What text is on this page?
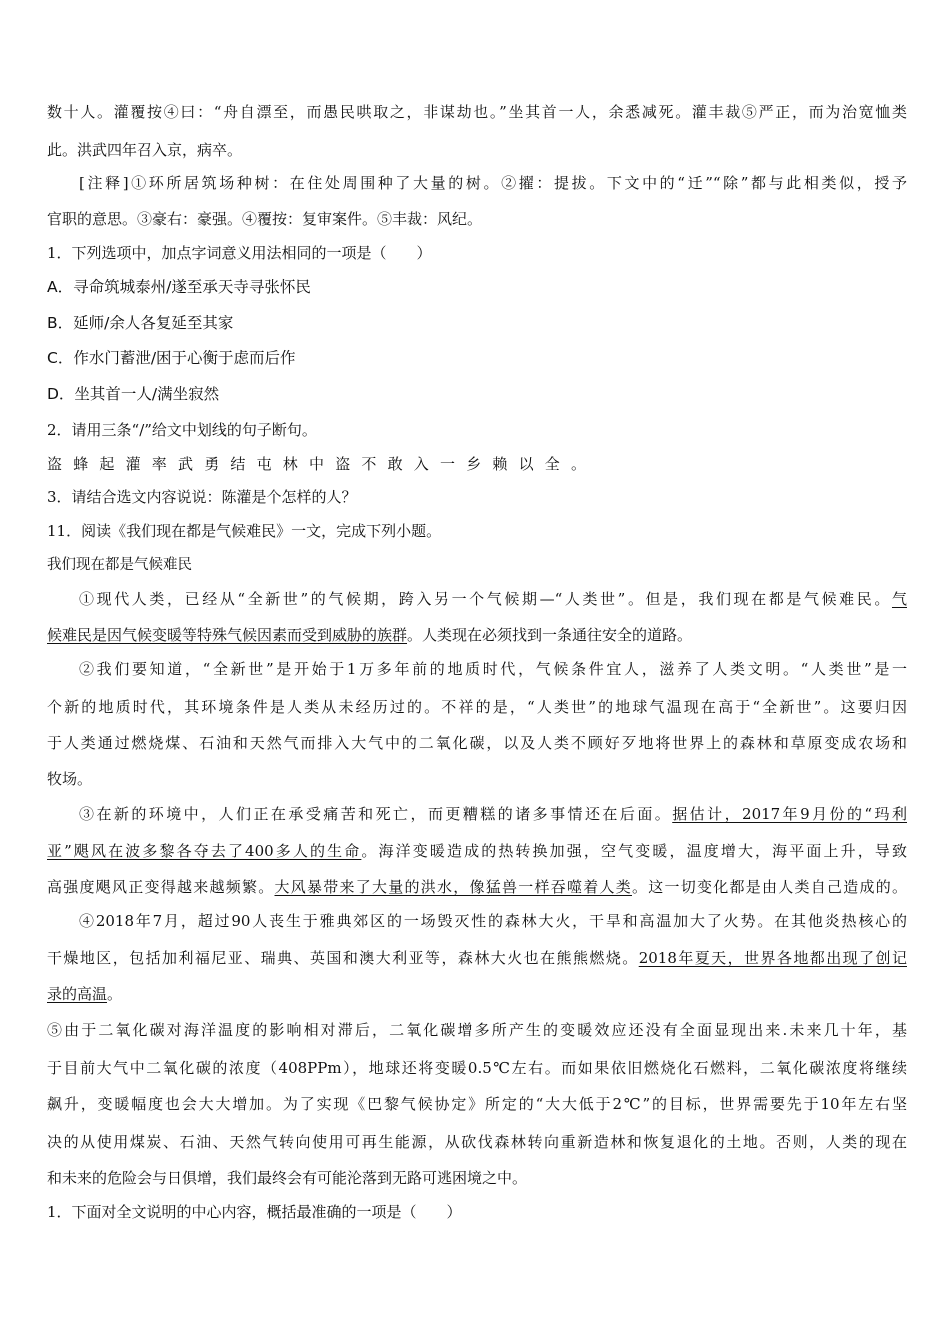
数十人。灌覆按④曰：“舟自漂至，而愚民哄取之，非谋劫也。”坐其首一人，余悉减死。灌丰裁⑤严正，而为治宽恤类
此。洪武四年召入京，病卒。
[注释]①环所居筑场种树：在住处周围种了大量的树。②擢：提拔。下文中的“迁”“除”都与此相类似，授予
官职的意思。③豪右：豪强。④覆按：复审案件。⑤丰裁：风纪。
1．下列选项中，加点字词意义用法相同的一项是（　　）
A．寻命筑城泰州/遂至承天寺寻张怀民
B．延师/余人各复延至其家
C．作水门蓄泄/困于心衡于虑而后作
D．坐其首一人/满坐寂然
2．请用三条“/”给文中划线的句子断句。
盗蜂起灌率武勇结屯林中盗不敢入一乡赖以全。
3．请结合选文内容说说：陈灌是个怎样的人？
11．阅读《我们现在都是气候难民》一文，完成下列小题。
我们现在都是气候难民
①现代人类，已经从“全新世”的气候期，跨入另一个气候期—“人类世”。但是，我们现在都是气候难民。气
候难民是因气候变暖等特殊气候因素而受到威胁的族群。人类现在必须找到一条通往安全的道路。
②我们要知道，“全新世”是开始于1万多年前的地质时代，气候条件宜人，滋养了人类文明。“人类世”是一
个新的地质时代，其环境条件是人类从未经历过的。不祥的是，“人类世”的地球气温现在高于“全新世”。这要归因
于人类通过燃烧煤、石油和天然气而排入大气中的二氧化碳，以及人类不顾好歹地将世界上的森林和草原变成农场和
牧场。
③在新的环境中，人们正在承受痛苦和死亡，而更糟糕的诸多事情还在后面。据估计，2017年9月份的“玛利
亚”飓风在波多黎各夺去了400多人的生命。海洋变暖造成的热转换加强，空气变暖，温度增大，海平面上升，导致
高强度飓风正变得越来越频繁。大风暴带来了大量的洪水，像猛兽一样吞噬着人类。这一切变化都是由人类自己造成的。
④2018年7月，超过90人丧生于雅典郊区的一场毁灭性的森林大火，干旱和高温加大了火势。在其他炎热核心的
干燥地区，包括加利福尼亚、瑞典、英国和澳大利亚等，森林大火也在熊熊燃烧。2018年夏天，世界各地都出现了创记
录的高温。
⑤由于二氧化碳对海洋温度的影响相对滞后，二氧化碳增多所产生的变暖效应还没有全面显现出来.未来几十年，基
于目前大气中二氧化碳的浓度（408PPm），地球还将变暖0.5℃左右。而如果依旧燃烧化石燃料，二氧化碳浓度将继续
飙升，变暖幅度也会大大增加。为了实现《巴黎气候协定》所定的“大大低于2℃”的目标，世界需要先于10年左右坚
决的从使用煤炭、石油、天然气转向使用可再生能源，从砍伐森林转向重新造林和恢复退化的土地。否则，人类的现在
和未来的危险会与日俱增，我们最终会有可能沦落到无路可逃困境之中。
1．下面对全文说明的中心内容，概括最准确的一项是（　　）
